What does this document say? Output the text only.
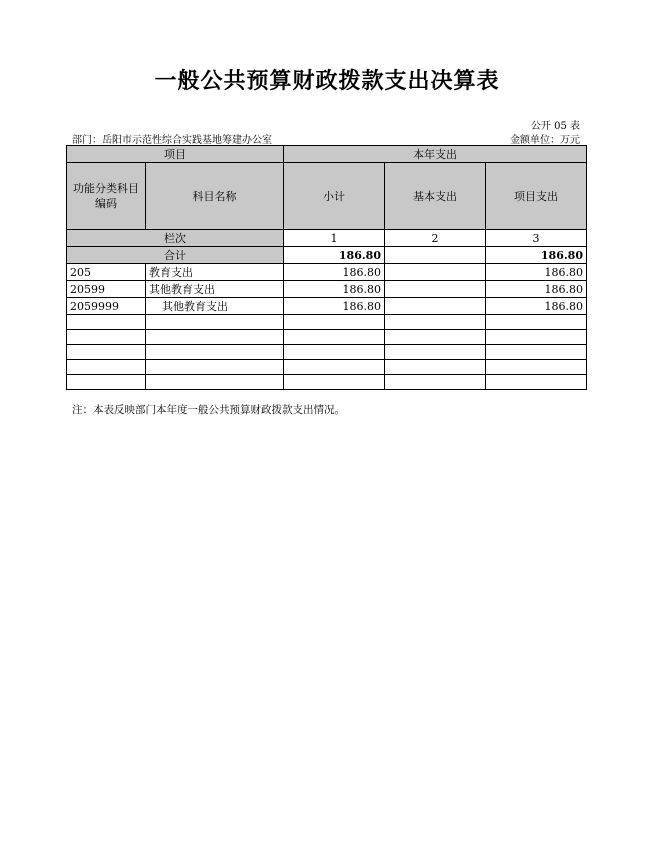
一般公共预算财政拨款支出决算表
公开 05 表
部门：岳阳市示范性综合实践基地筹建办公室	金额单位：万元
项目		本年支出		
功能分类科目编码	科目名称	小计	基本支出	项目支出
栏次		1	2	3
合计		186.80		186.80
205	教育支出	186.80		186.80
20599	其他教育支出	186.80		186.80
2059999	其他教育支出	186.80		186.80

注：本表反映部门本年度一般公共预算财政拨款支出情况。
